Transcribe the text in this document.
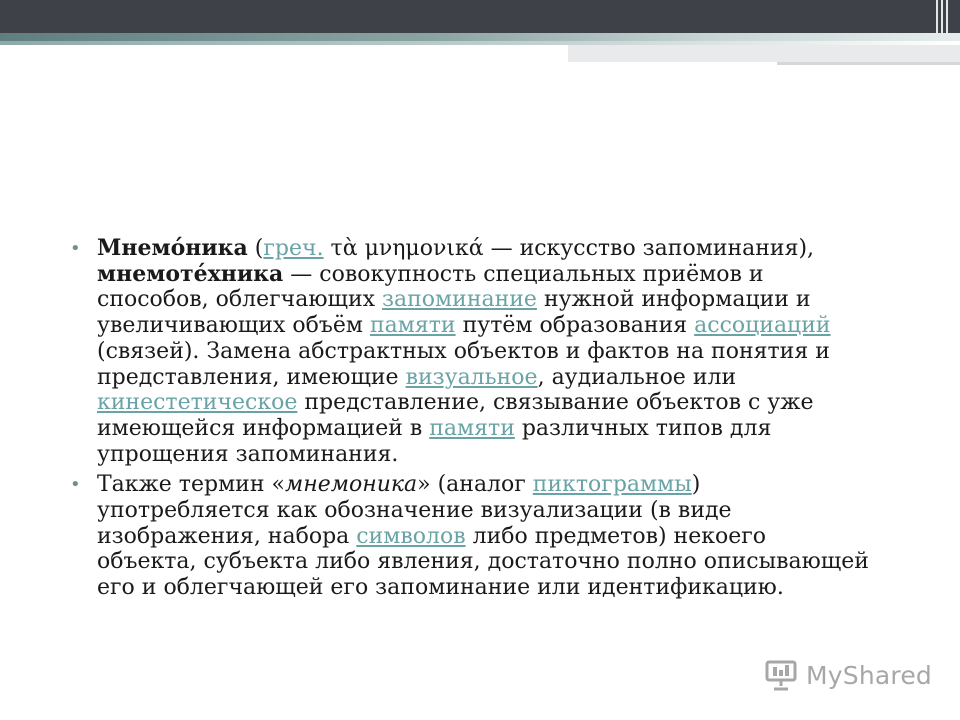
• Мнемо́ника (греч. τὰ μνημονικά — искусство запоминания), мнемоте́хника — совокупность специальных приёмов и способов, облегчающих запоминание нужной информации и увеличивающих объём памяти путём образования ассоциаций (связей). Замена абстрактных объектов и фактов на понятия и представления, имеющие визуальное, аудиальное или кинестетическое представление, связывание объектов с уже имеющейся информацией в памяти различных типов для упрощения запоминания.

• Также термин «мнемоника» (аналог пиктограммы) употребляется как обозначение визуализации (в виде изображения, набора символов либо предметов) некоего объекта, субъекта либо явления, достаточно полно описывающей его и облегчающей его запоминание или идентификацию.

MyShared
